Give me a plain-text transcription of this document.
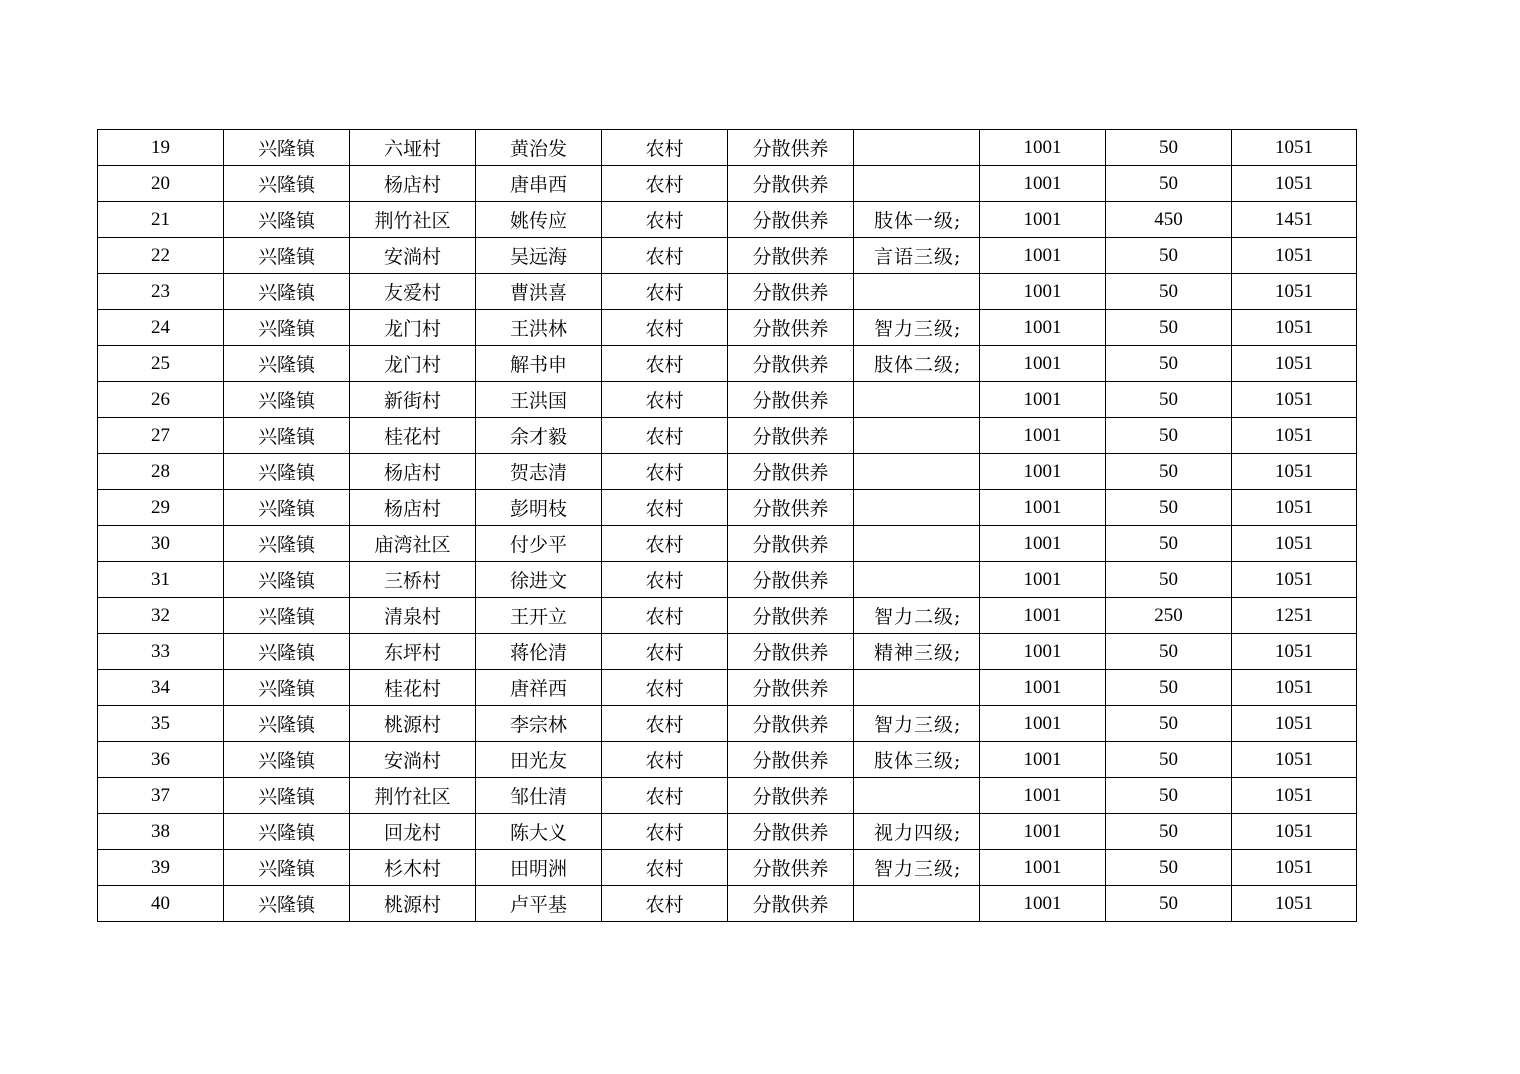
19	兴隆镇	六垭村	黄治发	农村	分散供养		1001	50	1051
20	兴隆镇	杨店村	唐串西	农村	分散供养		1001	50	1051
21	兴隆镇	荆竹社区	姚传应	农村	分散供养	肢体一级;	1001	450	1451
22	兴隆镇	安淌村	吴远海	农村	分散供养	言语三级;	1001	50	1051
23	兴隆镇	友爱村	曹洪喜	农村	分散供养		1001	50	1051
24	兴隆镇	龙门村	王洪林	农村	分散供养	智力三级;	1001	50	1051
25	兴隆镇	龙门村	解书申	农村	分散供养	肢体二级;	1001	50	1051
26	兴隆镇	新街村	王洪国	农村	分散供养		1001	50	1051
27	兴隆镇	桂花村	余才毅	农村	分散供养		1001	50	1051
28	兴隆镇	杨店村	贺志清	农村	分散供养		1001	50	1051
29	兴隆镇	杨店村	彭明枝	农村	分散供养		1001	50	1051
30	兴隆镇	庙湾社区	付少平	农村	分散供养		1001	50	1051
31	兴隆镇	三桥村	徐进文	农村	分散供养		1001	50	1051
32	兴隆镇	清泉村	王开立	农村	分散供养	智力二级;	1001	250	1251
33	兴隆镇	东坪村	蒋伦清	农村	分散供养	精神三级;	1001	50	1051
34	兴隆镇	桂花村	唐祥西	农村	分散供养		1001	50	1051
35	兴隆镇	桃源村	李宗林	农村	分散供养	智力三级;	1001	50	1051
36	兴隆镇	安淌村	田光友	农村	分散供养	肢体三级;	1001	50	1051
37	兴隆镇	荆竹社区	邹仕清	农村	分散供养		1001	50	1051
38	兴隆镇	回龙村	陈大义	农村	分散供养	视力四级;	1001	50	1051
39	兴隆镇	杉木村	田明洲	农村	分散供养	智力三级;	1001	50	1051
40	兴隆镇	桃源村	卢平基	农村	分散供养		1001	50	1051
